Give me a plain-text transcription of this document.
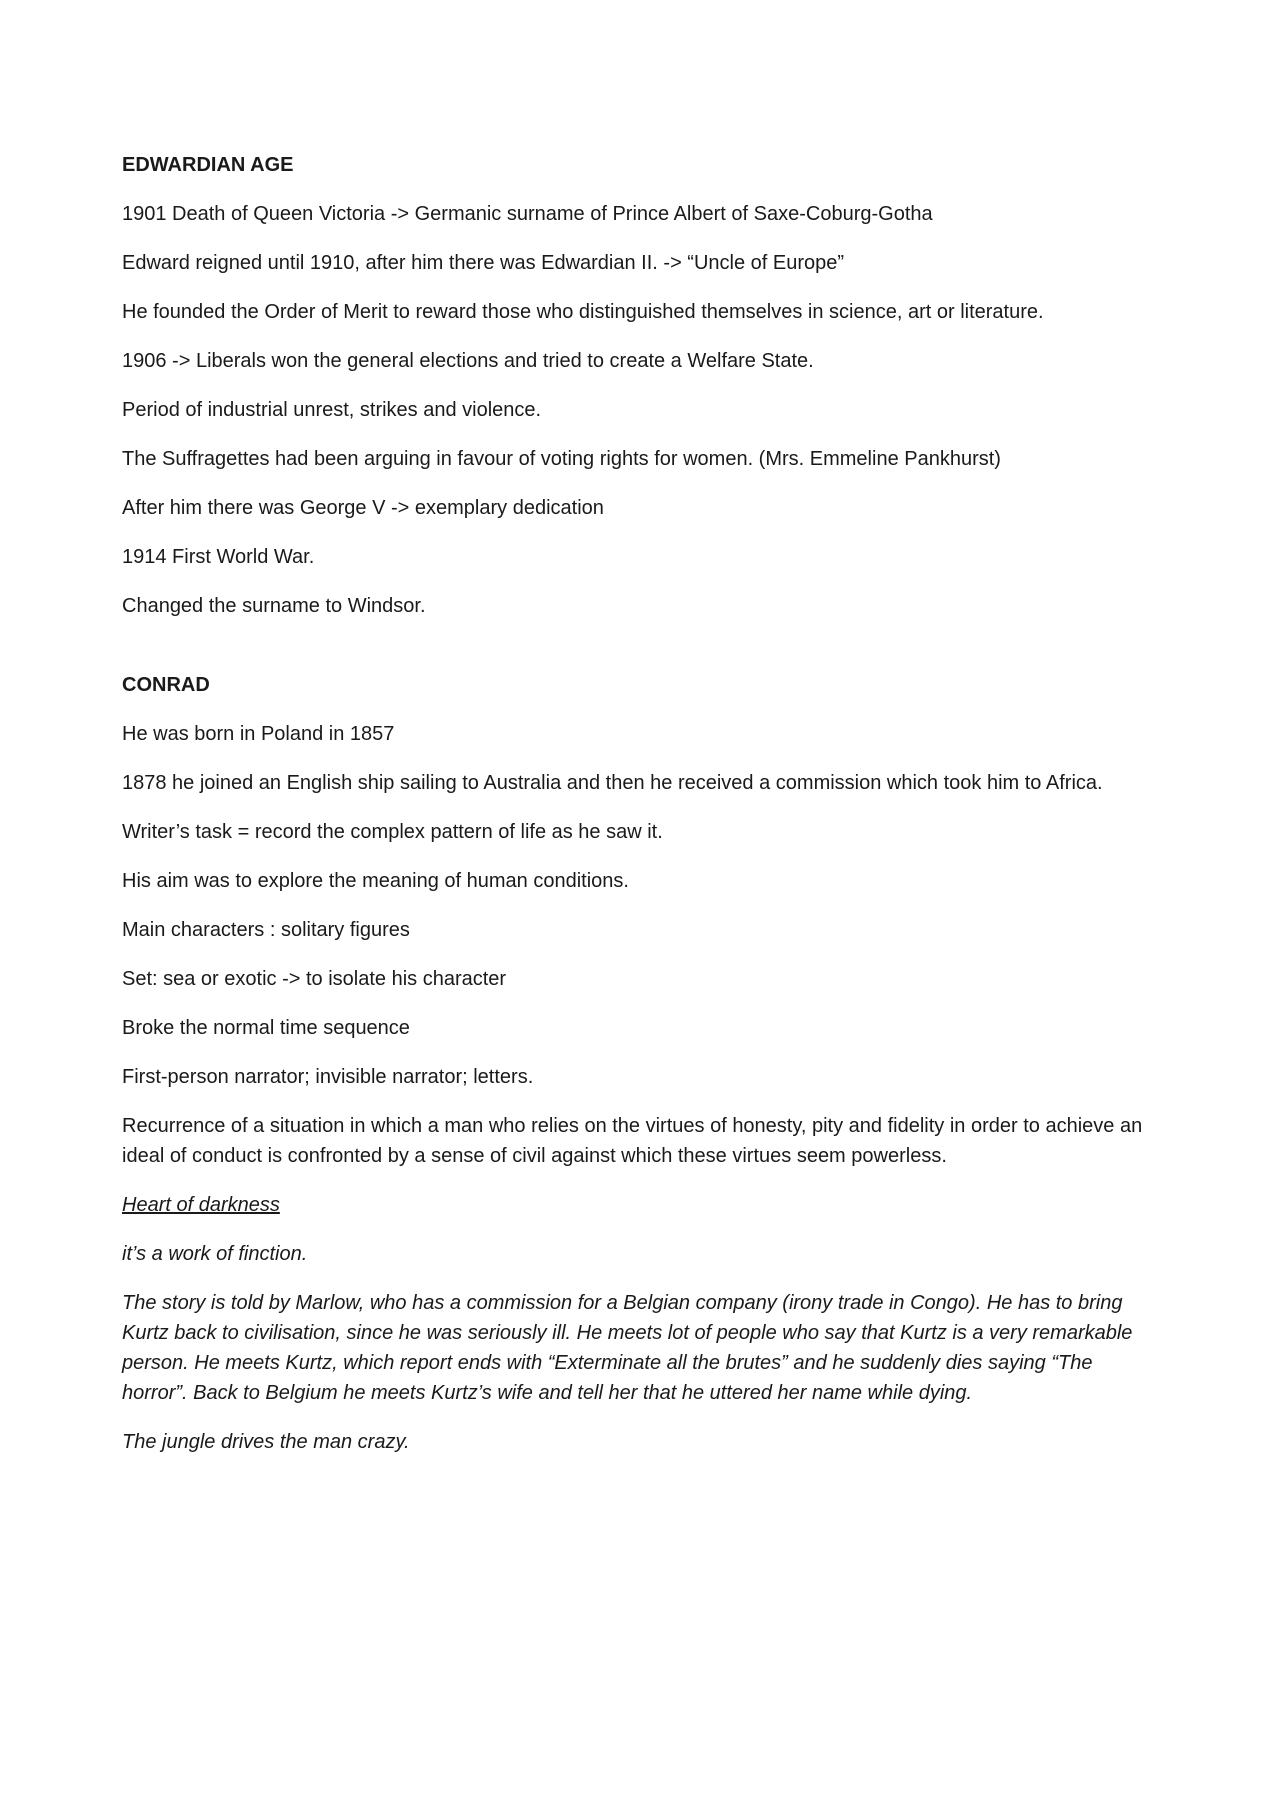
EDWARDIAN AGE

1901 Death of Queen Victoria -> Germanic surname of Prince Albert of Saxe-Coburg-Gotha

Edward reigned until 1910, after him there was Edwardian II. -> “Uncle of Europe”

He founded the Order of Merit to reward those who distinguished themselves in science, art or literature.

1906 -> Liberals won the general elections and tried to create a Welfare State.

Period of industrial unrest, strikes and violence.

The Suffragettes had been arguing in favour of voting rights for women. (Mrs. Emmeline Pankhurst)

After him there was George V -> exemplary dedication

1914 First World War.

Changed the surname to Windsor.

CONRAD

He was born in Poland in 1857

1878 he joined an English ship sailing to Australia and then he received a commission which took him to Africa.

Writer’s task = record the complex pattern of life as he saw it.

His aim was to explore the meaning of human conditions.

Main characters : solitary figures

Set: sea or exotic -> to isolate his character

Broke the normal time sequence

First-person narrator; invisible narrator; letters.

Recurrence of a situation in which a man who relies on the virtues of honesty, pity and fidelity in order to achieve an ideal of conduct is confronted by a sense of civil against which these virtues seem powerless.

Heart of darkness

it’s a work of finction.

The story is told by Marlow, who has a commission for a Belgian company (irony trade in Congo). He has to bring Kurtz back to civilisation, since he was seriously ill. He meets lot of people who say that Kurtz is a very remarkable person. He meets Kurtz, which report ends with “Exterminate all the brutes” and he suddenly dies saying “The horror”. Back to Belgium he meets Kurtz’s wife and tell her that he uttered her name while dying.

The jungle drives the man crazy.
